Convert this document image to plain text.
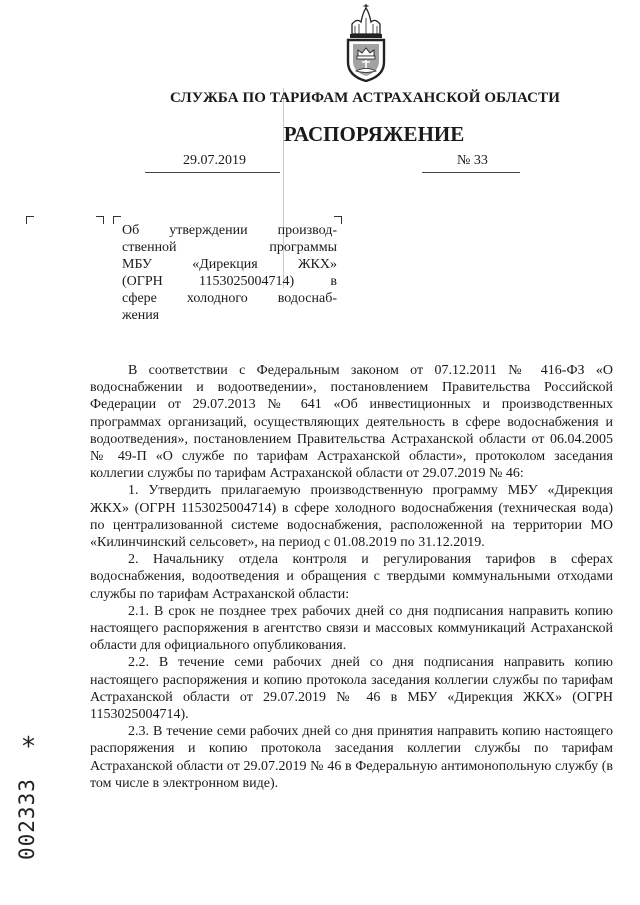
СЛУЖБА ПО ТАРИФАМ АСТРАХАНСКОЙ ОБЛАСТИ
РАСПОРЯЖЕНИЕ
29.07.2019	№ 33
Об утверждении производ-
ственной программы
МБУ «Дирекция ЖКХ»
(ОГРН 1153025004714) в
сфере холодного водоснаб-
жения

В соответствии с Федеральным законом от 07.12.2011 № 416-ФЗ «О водоснабжении и водоотведении», постановлением Правительства Российской Федерации от 29.07.2013 № 641 «Об инвестиционных и производственных программах организаций, осуществляющих деятельность в сфере водоснабжения и водоотведения», постановлением Правительства Астраханской области от 06.04.2005 № 49-П «О службе по тарифам Астраханской области», протоколом заседания коллегии службы по тарифам Астраханской области от 29.07.2019 № 46:

1. Утвердить прилагаемую производственную программу МБУ «Дирекция ЖКХ» (ОГРН 1153025004714) в сфере холодного водоснабжения (техническая вода) по централизованной системе водоснабжения, расположенной на территории МО «Килинчинский сельсовет», на период с 01.08.2019 по 31.12.2019.

2. Начальнику отдела контроля и регулирования тарифов в сферах водоснабжения, водоотведения и обращения с твердыми коммунальными отходами службы по тарифам Астраханской области:

2.1. В срок не позднее трех рабочих дней со дня подписания направить копию настоящего распоряжения в агентство связи и массовых коммуникаций Астраханской области для официального опубликования.

2.2. В течение семи рабочих дней со дня подписания направить копию настоящего распоряжения и копию протокола заседания коллегии службы по тарифам Астраханской области от 29.07.2019 № 46 в МБУ «Дирекция ЖКХ» (ОГРН 1153025004714).

2.3. В течение семи рабочих дней со дня принятия направить копию настоящего распоряжения и копию протокола заседания коллегии службы по тарифам Астраханской области от 29.07.2019 № 46 в Федеральную антимонопольную службу (в том числе в электронном виде).

*
002333
